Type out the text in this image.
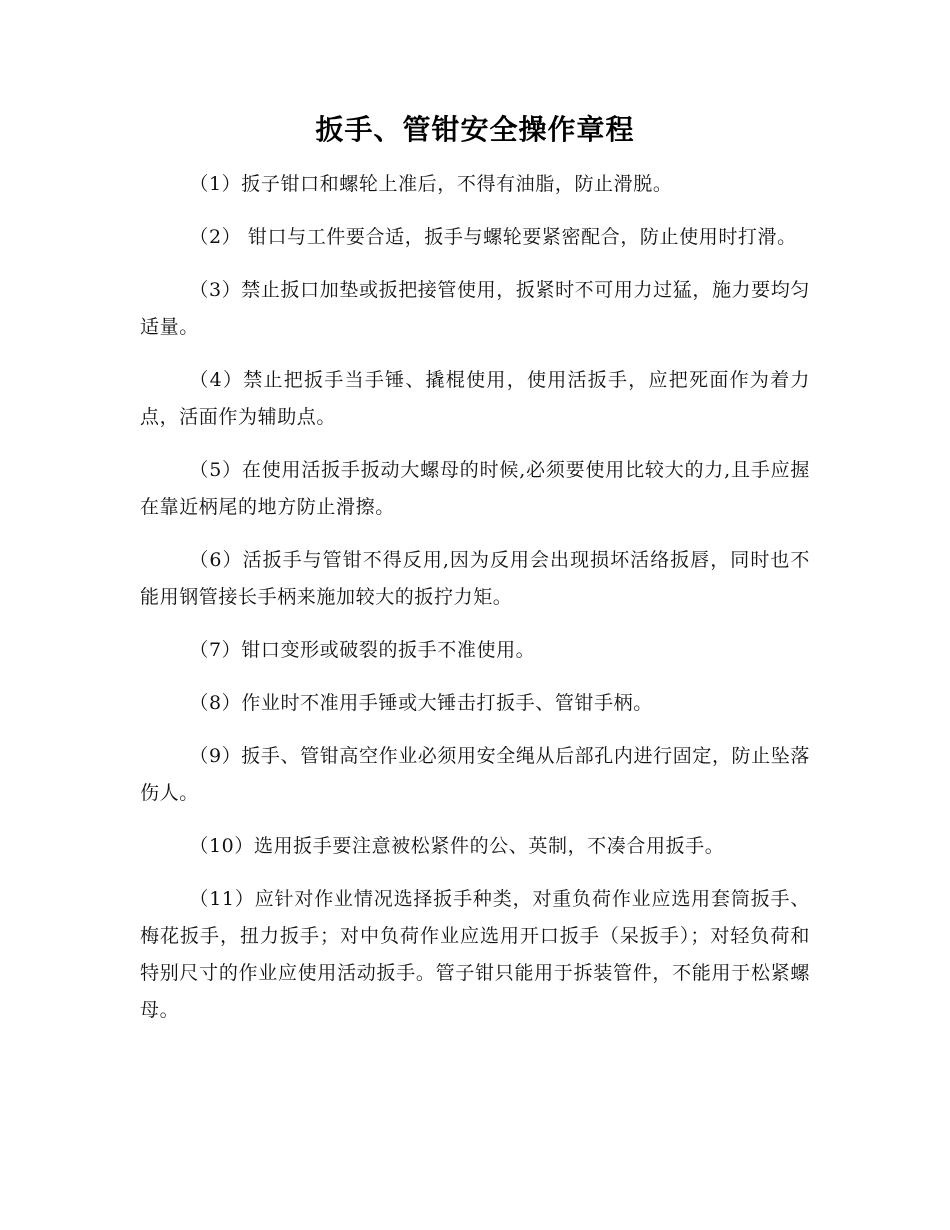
扳手、管钳安全操作章程

（1）扳子钳口和螺轮上准后，不得有油脂，防止滑脱。

（2） 钳口与工件要合适，扳手与螺轮要紧密配合，防止使用时打滑。

（3）禁止扳口加垫或扳把接管使用，扳紧时不可用力过猛，施力要均匀适量。

（4）禁止把扳手当手锤、撬棍使用，使用活扳手，应把死面作为着力点，活面作为辅助点。

（5）在使用活扳手扳动大螺母的时候,必须要使用比较大的力,且手应握在靠近柄尾的地方防止滑擦。

（6）活扳手与管钳不得反用,因为反用会出现损坏活络扳唇，同时也不能用钢管接长手柄来施加较大的扳拧力矩。

（7）钳口变形或破裂的扳手不准使用。

（8）作业时不准用手锤或大锤击打扳手、管钳手柄。

（9）扳手、管钳高空作业必须用安全绳从后部孔内进行固定，防止坠落伤人。

（10）选用扳手要注意被松紧件的公、英制，不凑合用扳手。

（11）应针对作业情况选择扳手种类，对重负荷作业应选用套筒扳手、梅花扳手，扭力扳手；对中负荷作业应选用开口扳手（呆扳手）；对轻负荷和特别尺寸的作业应使用活动扳手。管子钳只能用于拆装管件，不能用于松紧螺母。
